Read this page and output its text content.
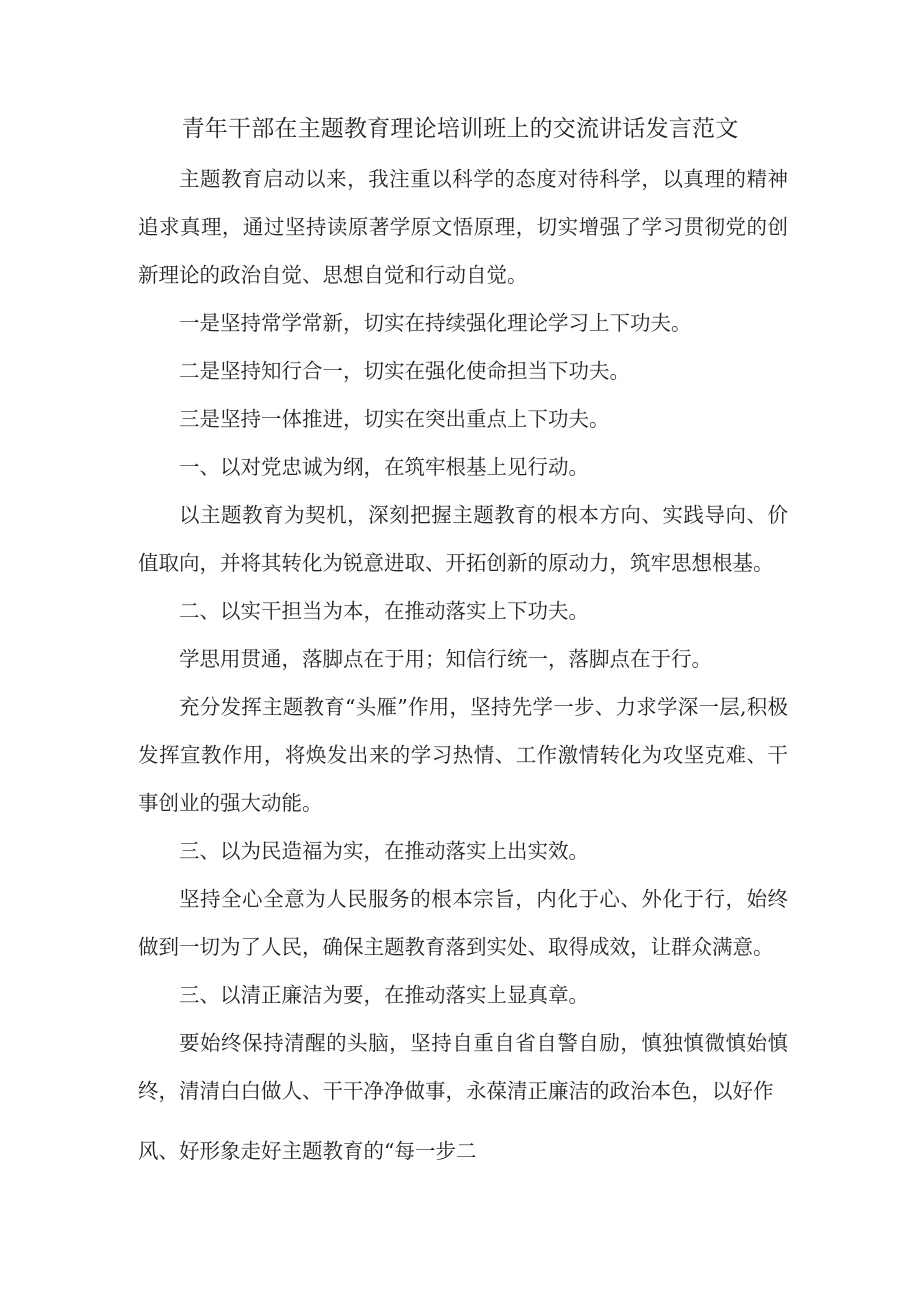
青年干部在主题教育理论培训班上的交流讲话发言范文

主题教育启动以来，我注重以科学的态度对待科学，以真理的精神追求真理，通过坚持读原著学原文悟原理，切实增强了学习贯彻党的创新理论的政治自觉、思想自觉和行动自觉。

一是坚持常学常新，切实在持续强化理论学习上下功夫。

二是坚持知行合一，切实在强化使命担当下功夫。

三是坚持一体推进，切实在突出重点上下功夫。

一、以对党忠诚为纲，在筑牢根基上见行动。

以主题教育为契机，深刻把握主题教育的根本方向、实践导向、价值取向，并将其转化为锐意进取、开拓创新的原动力，筑牢思想根基。

二、以实干担当为本，在推动落实上下功夫。

学思用贯通，落脚点在于用；知信行统一，落脚点在于行。

充分发挥主题教育“头雁”作用，坚持先学一步、力求学深一层,积极发挥宣教作用，将焕发出来的学习热情、工作激情转化为攻坚克难、干事创业的强大动能。

三、以为民造福为实，在推动落实上出实效。

坚持全心全意为人民服务的根本宗旨，内化于心、外化于行，始终做到一切为了人民，确保主题教育落到实处、取得成效，让群众满意。

三、以清正廉洁为要，在推动落实上显真章。

要始终保持清醒的头脑，坚持自重自省自警自励，慎独慎微慎始慎终，清清白白做人、干干净净做事，永葆清正廉洁的政治本色，以好作

风、好形象走好主题教育的“每一步二
